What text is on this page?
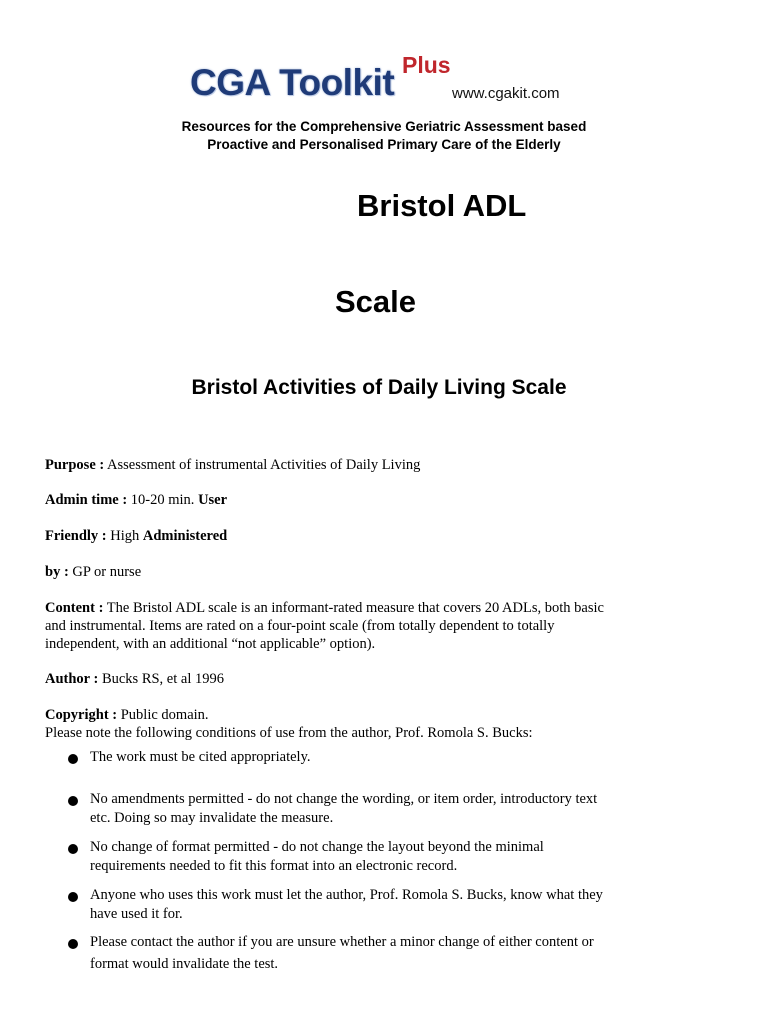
CGA Toolkit Plus
www.cgakit.com
Resources for the Comprehensive Geriatric Assessment based
Proactive and Personalised Primary Care of the Elderly
Bristol ADL
Scale
Bristol Activities of Daily Living Scale
Purpose : Assessment of instrumental Activities of Daily Living
Admin time : 10-20 min. User
Friendly : High Administered
by : GP or nurse
Content : The Bristol ADL scale is an informant-rated measure that covers 20 ADLs, both basic
and instrumental. Items are rated on a four-point scale (from totally dependent to totally
independent, with an additional “not applicable” option).
Author : Bucks RS, et al 1996
Copyright : Public domain.
Please note the following conditions of use from the author, Prof. Romola S. Bucks:
The work must be cited appropriately.
No amendments permitted - do not change the wording, or item order, introductory text
etc. Doing so may invalidate the measure.
No change of format permitted - do not change the layout beyond the minimal
requirements needed to fit this format into an electronic record.
Anyone who uses this work must let the author, Prof. Romola S. Bucks, know what they
have used it for.
Please contact the author if you are unsure whether a minor change of either content or
format would invalidate the test.
